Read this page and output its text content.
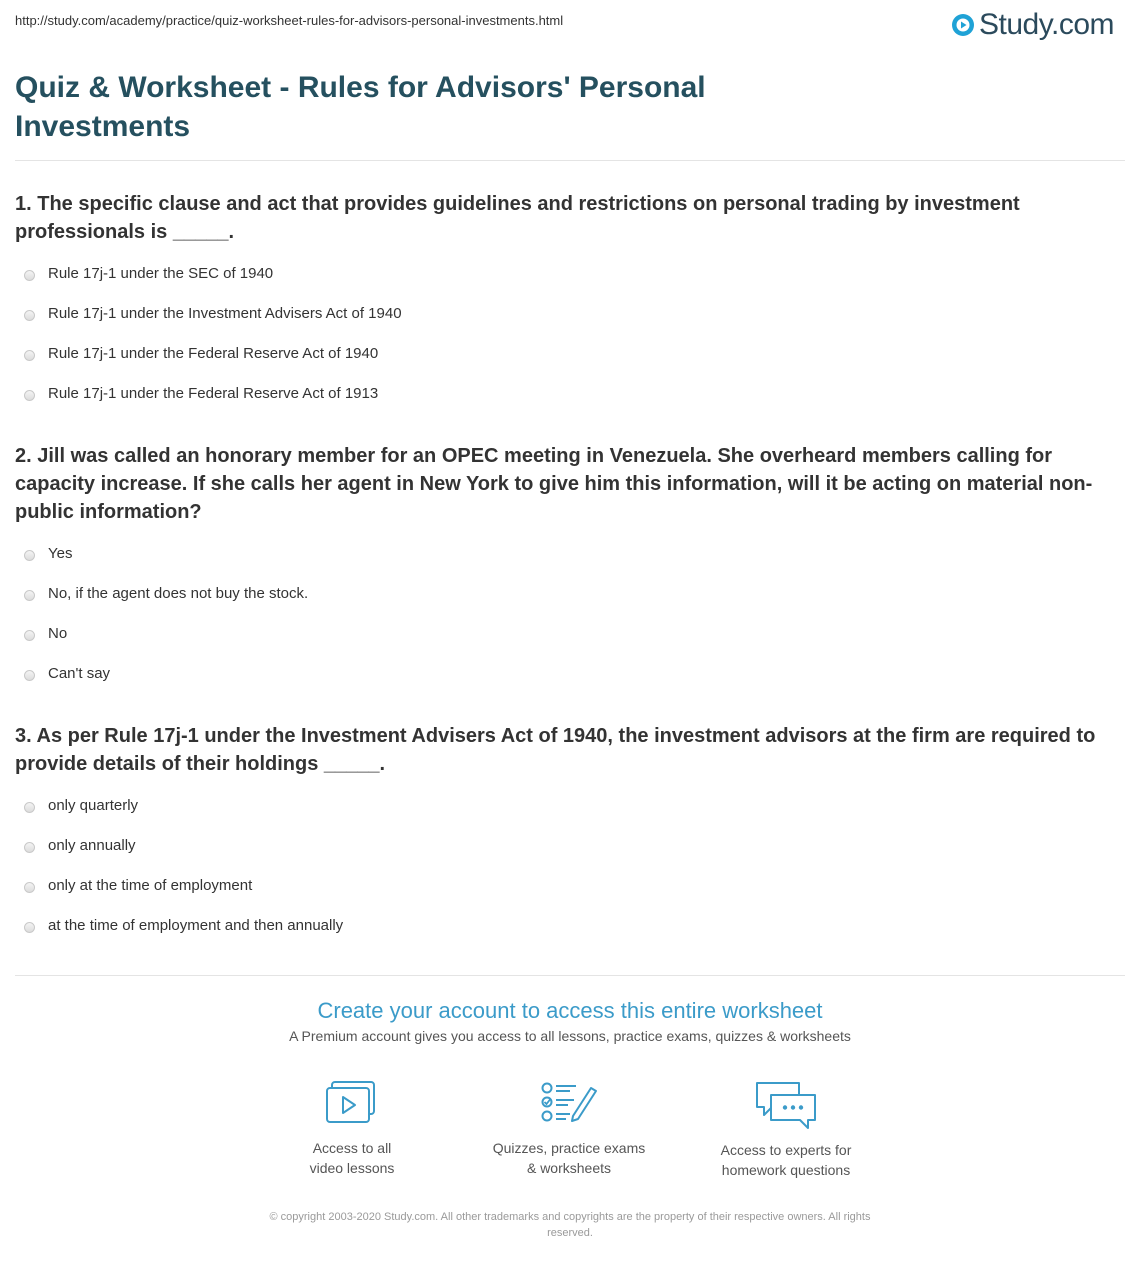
http://study.com/academy/practice/quiz-worksheet-rules-for-advisors-personal-investments.html	Study.com
Quiz & Worksheet - Rules for Advisors' Personal Investments

1. The specific clause and act that provides guidelines and restrictions on personal trading by investment professionals is _____.

Rule 17j-1 under the SEC of 1940
Rule 17j-1 under the Investment Advisers Act of 1940
Rule 17j-1 under the Federal Reserve Act of 1940
Rule 17j-1 under the Federal Reserve Act of 1913

2. Jill was called an honorary member for an OPEC meeting in Venezuela. She overheard members calling for capacity increase. If she calls her agent in New York to give him this information, will it be acting on material non-public information?

Yes
No, if the agent does not buy the stock.
No
Can't say

3. As per Rule 17j-1 under the Investment Advisers Act of 1940, the investment advisors at the firm are required to provide details of their holdings _____.

only quarterly
only annually
only at the time of employment
at the time of employment and then annually
Create your account to access this entire worksheet
A Premium account gives you access to all lessons, practice exams, quizzes & worksheets
Access to all
video lessons
Quizzes, practice exams
& worksheets
Access to experts for
homework questions
© copyright 2003-2020 Study.com. All other trademarks and copyrights are the property of their respective owners. All rights
reserved.
